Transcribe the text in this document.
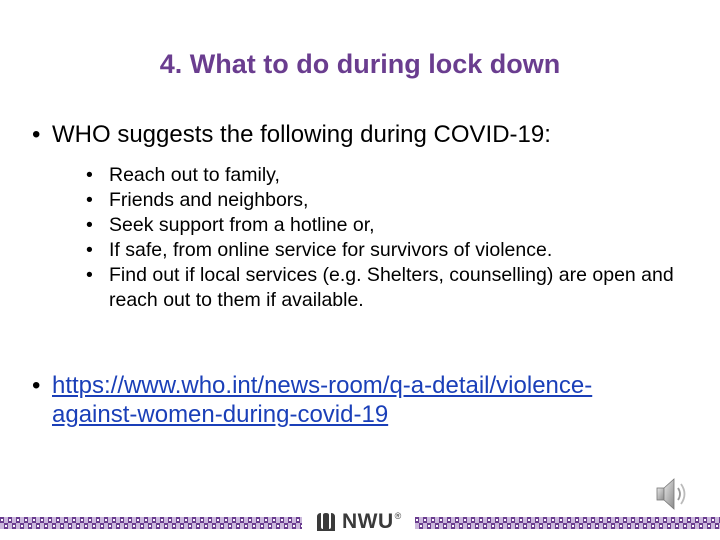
4. What to do during lock down
• WHO suggests the following during COVID-19:
• Reach out to family,
• Friends and neighbors,
• Seek support from a hotline or,
• If safe, from online service for survivors of violence.
• Find out if local services (e.g. Shelters, counselling) are open and reach out to them if available.
• https://www.who.int/news-room/q-a-detail/violence-
against-women-during-covid-19
NWU ®
